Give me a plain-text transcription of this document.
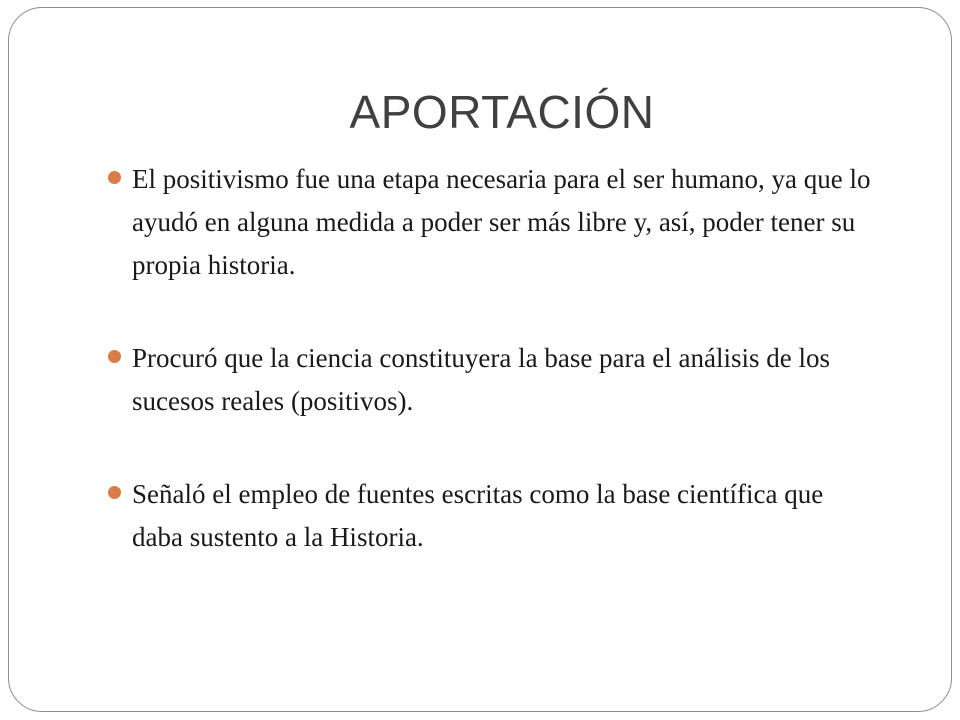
APORTACIÓN
El positivismo fue una etapa necesaria para el ser humano, ya que lo ayudó en alguna medida a poder ser más libre y, así, poder tener su propia historia.
Procuró que la ciencia constituyera la base para el análisis de los sucesos reales (positivos).
Señaló el empleo de fuentes escritas como la base científica que daba sustento a la Historia.
